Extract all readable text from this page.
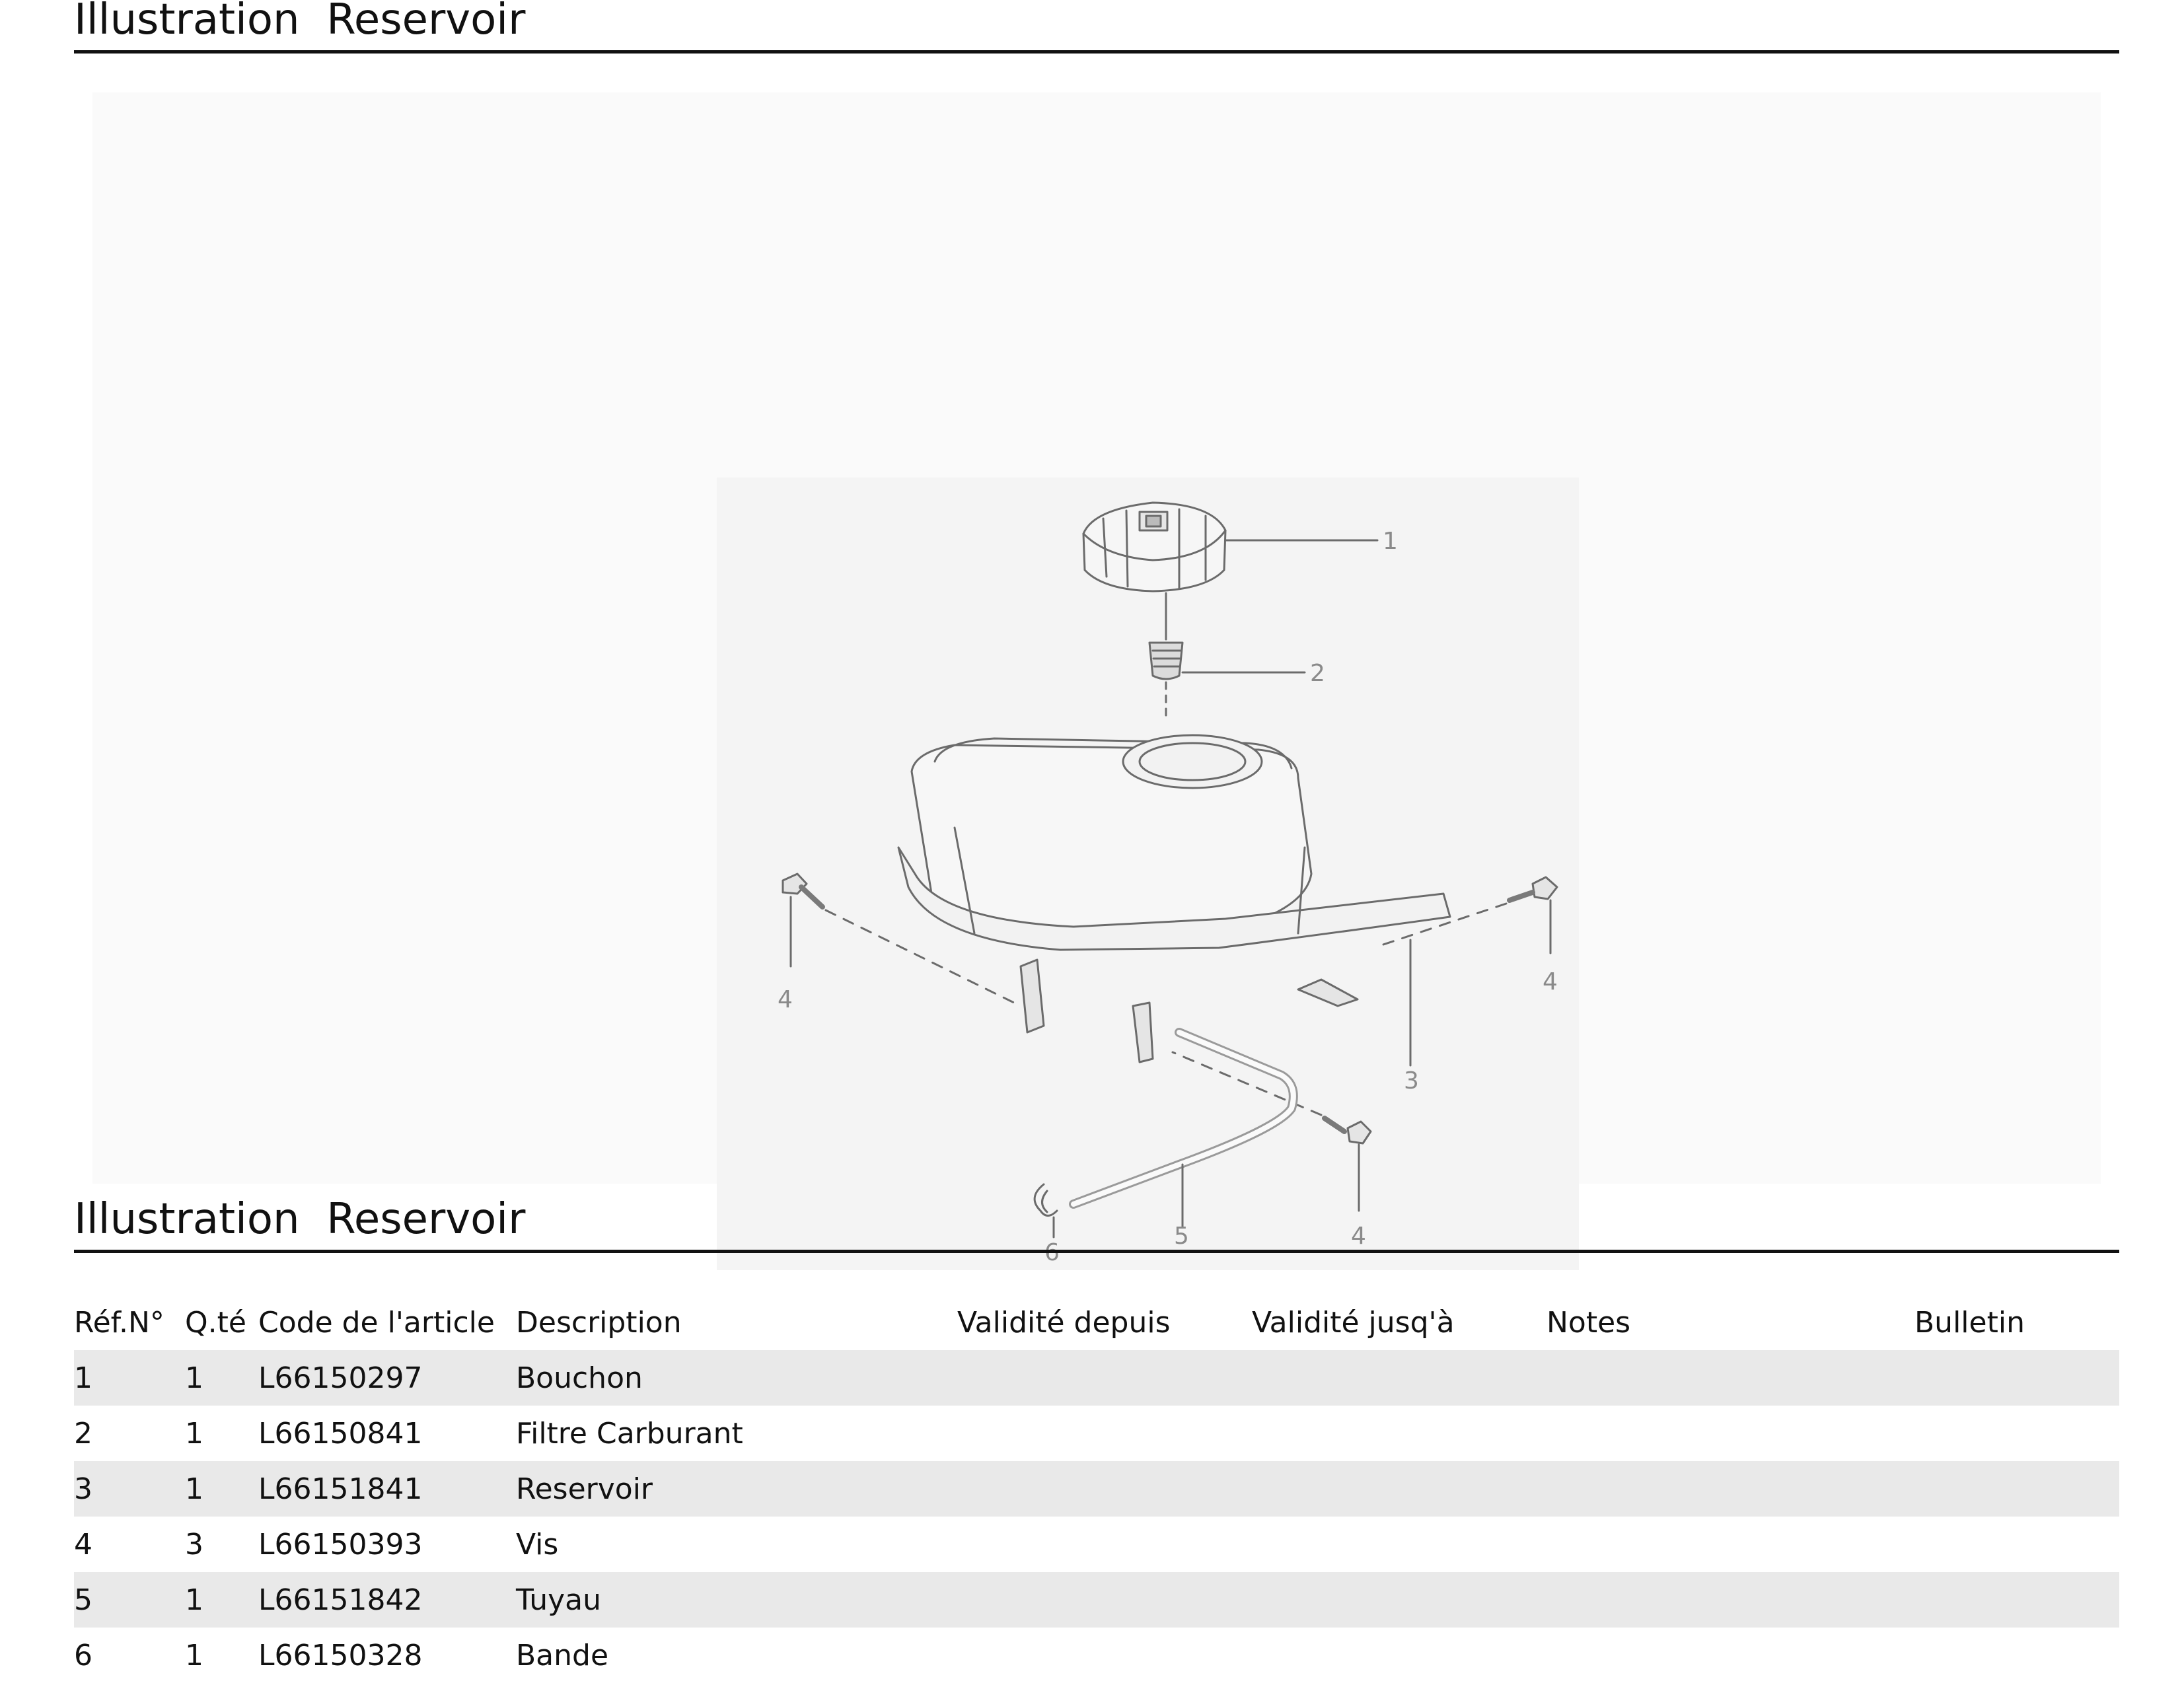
Illustration  Reservoir
1
2
3
4
4
4
5
6
Illustration  Reservoir
Réf.N°	Q.té	Code de l'article	Description	Validité depuis	Validité jusq'à	Notes	Bulletin
1	1	L66150297	Bouchon				
2	1	L66150841	Filtre Carburant				
3	1	L66151841	Reservoir				
4	3	L66150393	Vis				
5	1	L66151842	Tuyau				
6	1	L66150328	Bande				
